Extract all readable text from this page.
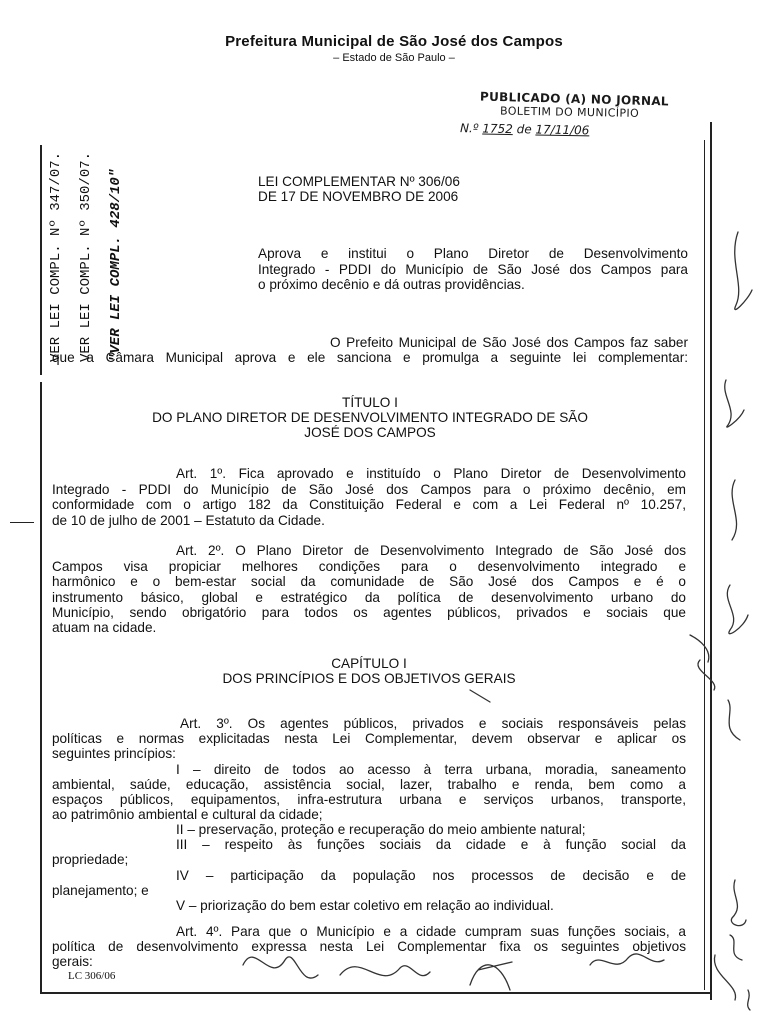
Prefeitura Municipal de São José dos Campos
– Estado de São Paulo –
PUBLICADO (A) NO JORNAL
BOLETIM DO MUNICÍPIO
N.º 1752 de 17/11/06
VER LEI COMPL. Nº 347/07. VER LEI COMPL. Nº 350/07. "VER LEI COMPL. 428/10"	LEI COMPLEMENTAR Nº 306/06
DE 17 DE NOVEMBRO DE 2006
Aprova e institui o Plano Diretor de Desenvolvimento
Integrado - PDDI do Município de São José dos Campos para
o próximo decênio e dá outras providências.
O Prefeito Municipal de São José dos Campos faz saber
que a Câmara Municipal aprova e ele sanciona e promulga a seguinte lei complementar:
TÍTULO I
DO PLANO DIRETOR DE DESENVOLVIMENTO INTEGRADO DE SÃO
JOSÉ DOS CAMPOS
Art. 1º. Fica aprovado e instituído o Plano Diretor de Desenvolvimento
Integrado - PDDI do Município de São José dos Campos para o próximo decênio, em
conformidade com o artigo 182 da Constituição Federal e com a Lei Federal nº 10.257,
de 10 de julho de 2001 – Estatuto da Cidade.
Art. 2º. O Plano Diretor de Desenvolvimento Integrado de São José dos
Campos visa propiciar melhores condições para o desenvolvimento integrado e
harmônico e o bem-estar social da comunidade de São José dos Campos e é o
instrumento básico, global e estratégico da política de desenvolvimento urbano do
Município, sendo obrigatório para todos os agentes públicos, privados e sociais que
atuam na cidade.
CAPÍTULO I
DOS PRINCÍPIOS E DOS OBJETIVOS GERAIS
Art. 3º. Os agentes públicos, privados e sociais responsáveis pelas
políticas e normas explicitadas nesta Lei Complementar, devem observar e aplicar os
seguintes princípios:
I – direito de todos ao acesso à terra urbana, moradia, saneamento
ambiental, saúde, educação, assistência social, lazer, trabalho e renda, bem como a
espaços públicos, equipamentos, infra-estrutura urbana e serviços urbanos, transporte,
ao patrimônio ambiental e cultural da cidade;
II – preservação, proteção e recuperação do meio ambiente natural;
III – respeito às funções sociais da cidade e à função social da
propriedade;
IV – participação da população nos processos de decisão e de
planejamento; e
V – priorização do bem estar coletivo em relação ao individual.
Art. 4º. Para que o Município e a cidade cumpram suas funções sociais, a
política de desenvolvimento expressa nesta Lei Complementar fixa os seguintes objetivos
gerais:
LC 306/06
